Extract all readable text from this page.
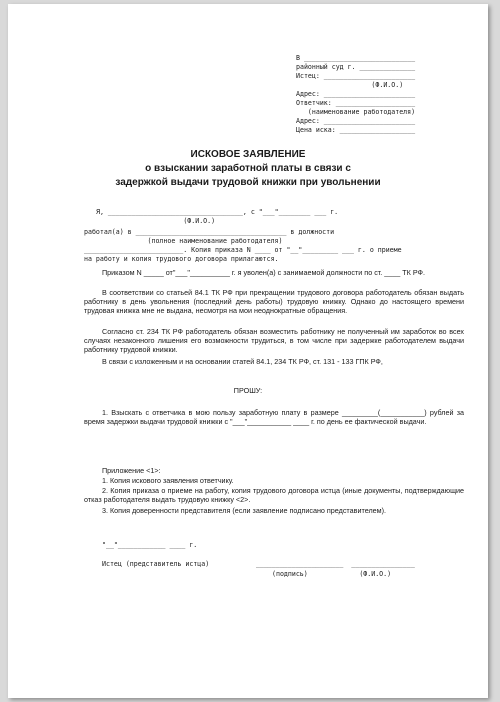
В ____________________________
районный суд г. ______________
Истец: _______________________
(Ф.И.О.)
Адрес: _______________________
Ответчик: ____________________
(наименование работодателя)
Адрес: _______________________
Цена иска: ___________________
ИСКОВОЕ ЗАЯВЛЕНИЕ
о взыскании заработной платы в связи с
задержкой выдачи трудовой книжки при увольнении
Я, __________________________________, с "___"________ ___ г.
(Ф.И.О.)
работал(а) в ______________________________________ в должности
(полное наименование работодателя)
_________________________. Копия приказа N ____ от "__"_________ ___ г. о приеме
на работу и копия трудового договора прилагаются.
Приказом N _____ от"___"__________ г. я уволен(а) с занимаемой должности по ст. ____ ТК РФ.
В соответствии со статьей 84.1 ТК РФ при прекращении трудового договора работодатель обязан выдать работнику в день увольнения (последний день работы) трудовую книжку. Однако до настоящего времени трудовая книжка мне не выдана, несмотря на мои неоднократные обращения.
Согласно ст. 234 ТК РФ работодатель обязан возместить работнику не полученный им заработок во всех случаях незаконного лишения его возможности трудиться, в том числе при задержке работодателем выдачи работнику трудовой книжки.
В связи с изложенным и на основании статей 84.1, 234 ТК РФ, ст. 131 - 133 ГПК РФ,
ПРОШУ:
1. Взыскать с ответчика в мою пользу заработную плату в размере _________(___________) рублей за время задержки выдачи трудовой книжки с "___"___________ ____ г. по день ее фактической выдачи.
Приложение <1>:
1. Копия искового заявления ответчику.
2. Копия приказа о приеме на работу, копия трудового договора истца (иные документы, подтверждающие отказ работодателя выдать трудовую книжку <2>.
3. Копия доверенности представителя (если заявление подписано представителем).
"__"____________ ____ г.
Истец (представитель истца)	______________________  ________________
(подпись)             (Ф.И.О.)
